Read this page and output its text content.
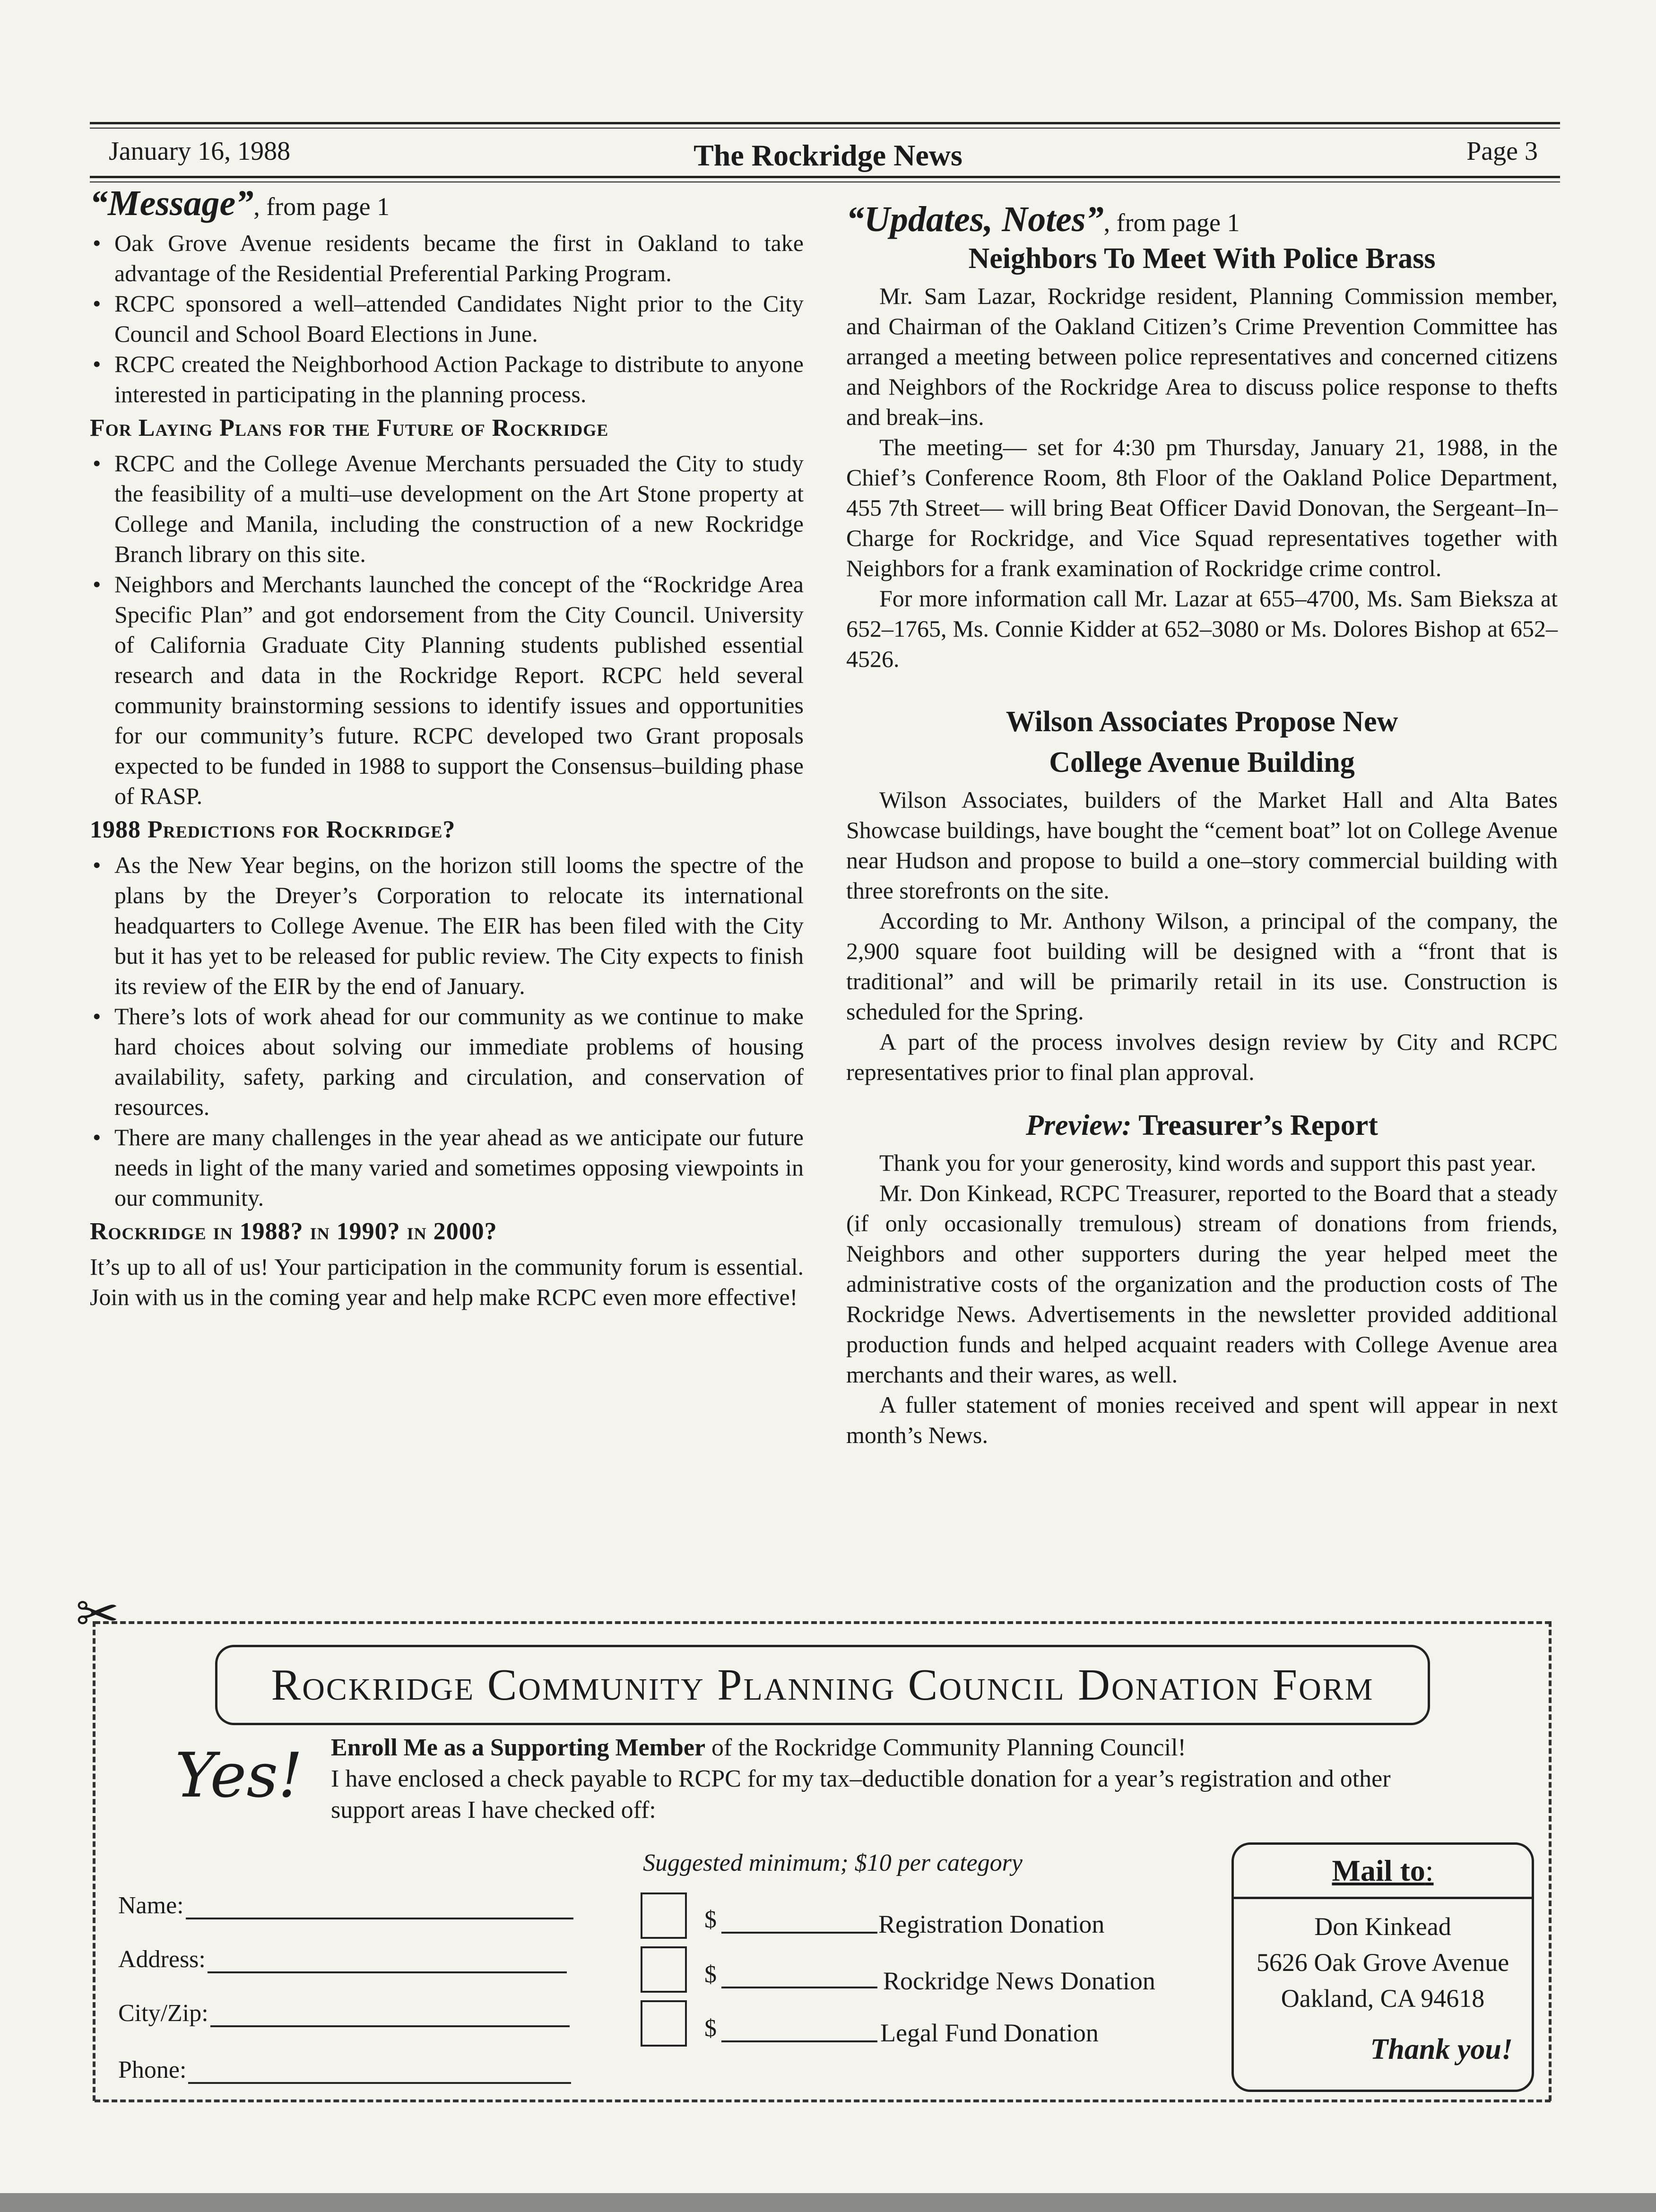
January 16, 1988	The Rockridge News	Page 3
“Message”, from page 1
• Oak Grove Avenue residents became the first in Oakland to take advantage of the Residential Preferential Parking Program.
• RCPC sponsored a well–attended Candidates Night prior to the City Council and School Board Elections in June.
• RCPC created the Neighborhood Action Package to distribute to anyone interested in participating in the planning process.
For Laying Plans for the Future of Rockridge
• RCPC and the College Avenue Merchants persuaded the City to study the feasibility of a multi–use development on the Art Stone property at College and Manila, including the construction of a new Rockridge Branch library on this site.
• Neighbors and Merchants launched the concept of the “Rockridge Area Specific Plan” and got endorsement from the City Council. University of California Graduate City Planning students published essential research and data in the Rockridge Report. RCPC held several community brainstorming sessions to identify issues and opportunities for our community’s future. RCPC developed two Grant proposals expected to be funded in 1988 to support the Consensus–building phase of RASP.
1988 Predictions for Rockridge?
• As the New Year begins, on the horizon still looms the spectre of the plans by the Dreyer’s Corporation to relocate its international headquarters to College Avenue. The EIR has been filed with the City but it has yet to be released for public review. The City expects to finish its review of the EIR by the end of January.
• There’s lots of work ahead for our community as we continue to make hard choices about solving our immediate problems of housing availability, safety, parking and circulation, and conservation of resources.
• There are many challenges in the year ahead as we anticipate our future needs in light of the many varied and sometimes opposing viewpoints in our community.
Rockridge in 1988? in 1990? in 2000?

It’s up to all of us! Your participation in the community forum is essential. Join with us in the coming year and help make RCPC even more effective!

“Updates, Notes”, from page 1
Neighbors To Meet With Police Brass

Mr. Sam Lazar, Rockridge resident, Planning Commission member, and Chairman of the Oakland Citizen’s Crime Prevention Committee has arranged a meeting between police representatives and concerned citizens and Neighbors of the Rockridge Area to discuss police response to thefts and break–ins.

The meeting— set for 4:30 pm Thursday, January 21, 1988, in the Chief’s Conference Room, 8th Floor of the Oakland Police Department, 455 7th Street— will bring Beat Officer David Donovan, the Sergeant–In–Charge for Rockridge, and Vice Squad representatives together with Neighbors for a frank examination of Rockridge crime control.

For more information call Mr. Lazar at 655–4700, Ms. Sam Bieksza at 652–1765, Ms. Connie Kidder at 652–3080 or Ms. Dolores Bishop at 652–4526.

Wilson Associates Propose New
College Avenue Building

Wilson Associates, builders of the Market Hall and Alta Bates Showcase buildings, have bought the “cement boat” lot on College Avenue near Hudson and propose to build a one–story commercial building with three storefronts on the site.

According to Mr. Anthony Wilson, a principal of the company, the 2,900 square foot building will be designed with a “front that is traditional” and will be primarily retail in its use. Construction is scheduled for the Spring.

A part of the process involves design review by City and RCPC representatives prior to final plan approval.

Preview: Treasurer’s Report

Thank you for your generosity, kind words and support this past year.

Mr. Don Kinkead, RCPC Treasurer, reported to the Board that a steady (if only occasionally tremulous) stream of donations from friends, Neighbors and other supporters during the year helped meet the administrative costs of the organization and the production costs of The Rockridge News. Advertisements in the newsletter provided additional production funds and helped acquaint readers with College Avenue area merchants and their wares, as well.

A fuller statement of monies received and spent will appear in next month’s News.

✂
Rockridge Community Planning Council Donation Form
Yes! Enroll Me as a Supporting Member of the Rockridge Community Planning Council!
I have enclosed a check payable to RCPC for my tax–deductible donation for a year’s registration and other support areas I have checked off:
Suggested minimum; $10 per category
Name:
Address:
City/Zip:
Phone:
$
$
$
Registration Donation
Rockridge News Donation
Legal Fund Donation
Mail to:
Don Kinkead
5626 Oak Grove Avenue
Oakland, CA 94618
Thank you!
